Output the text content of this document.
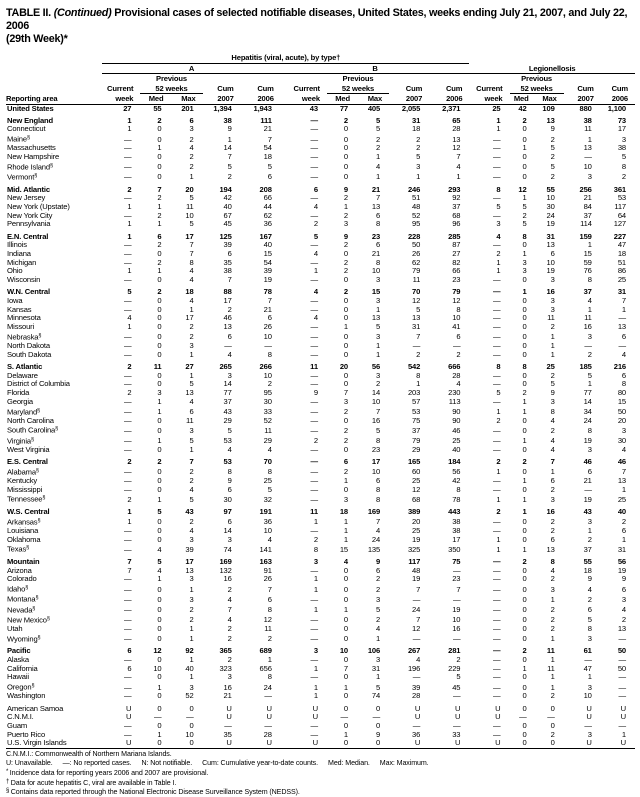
TABLE II. (Continued) Provisional cases of selected notifiable diseases, United States, weeks ending July 21, 2007, and July 22, 2006
(29th Week)*
Reporting area	Hepatitis (viral, acute), by type†														
	A					B					Legionellosis				
		Previous					Previous					Previous			
	Current	52 weeks		Cum	Cum	Current	52 weeks		Cum	Cum	Current	52 weeks		Cum	Cum
	week	Med	Max	2007	2006	week	Med	Max	2007	2006	week	Med	Max	2007	2006
United States	27	55	201	1,394	1,943	43	77	405	2,055	2,371	25	42	109	880	1,100
New England	1	2	6	38	111	—	2	5	31	65	1	2	13	38	73
Connecticut	1	0	3	9	21	—	0	5	18	28	1	0	9	11	17
Maine§	—	0	2	1	7	—	0	2	2	13	—	0	2	1	3
Massachusetts	—	1	4	14	54	—	0	2	2	12	—	1	5	13	38
New Hampshire	—	0	2	7	18	—	0	1	5	7	—	0	2	—	5
Rhode Island§	—	0	2	5	5	—	0	4	3	4	—	0	5	10	8
Vermont§	—	0	1	2	6	—	0	1	1	1	—	0	2	3	2
Mid. Atlantic	2	7	20	194	208	6	9	21	246	293	8	12	55	256	361
New Jersey	—	2	5	42	66	—	2	7	51	92	—	1	10	21	53
New York (Upstate)	1	1	11	40	44	4	1	13	48	37	5	5	30	84	117
New York City	—	2	10	67	62	—	2	6	52	68	—	2	24	37	64
Pennsylvania	1	1	5	45	36	2	3	8	95	96	3	5	19	114	127
E.N. Central	1	6	17	125	167	5	9	23	228	285	4	8	31	159	227
Illinois	—	2	7	39	40	—	2	6	50	87	—	0	13	1	47
Indiana	—	0	7	6	15	4	0	21	26	27	2	1	6	15	18
Michigan	—	2	8	35	54	—	2	8	62	82	1	3	10	59	51
Ohio	1	1	4	38	39	1	2	10	79	66	1	3	19	76	86
Wisconsin	—	0	4	7	19	—	0	3	11	23	—	0	3	8	25
W.N. Central	5	2	18	88	78	4	2	15	70	79	—	1	16	37	31
Iowa	—	0	4	17	7	—	0	3	12	12	—	0	3	4	7
Kansas	—	0	1	2	21	—	0	1	5	8	—	0	3	1	1
Minnesota	4	0	17	46	6	4	0	13	13	10	—	0	11	11	—
Missouri	1	0	2	13	26	—	1	5	31	41	—	0	2	16	13
Nebraska§	—	0	2	6	10	—	0	3	7	6	—	0	1	3	6
North Dakota	—	0	3	—	—	—	0	1	—	—	—	0	1	—	—
South Dakota	—	0	1	4	8	—	0	1	2	2	—	0	1	2	4
S. Atlantic	2	11	27	265	266	11	20	56	542	666	8	8	25	185	216
Delaware	—	0	1	3	10	—	0	3	8	28	—	0	2	5	6
District of Columbia	—	0	5	14	2	—	0	2	1	4	—	0	5	1	8
Florida	2	3	13	77	95	9	7	14	203	230	5	2	9	77	80
Georgia	—	1	4	37	30	—	3	10	57	113	—	1	3	14	15
Maryland§	—	1	6	43	33	—	2	7	53	90	1	1	8	34	50
North Carolina	—	0	11	29	52	—	0	16	75	90	2	0	4	24	20
South Carolina§	—	0	3	5	11	—	2	5	37	46	—	0	2	8	3
Virginia§	—	1	5	53	29	2	2	8	79	25	—	1	4	19	30
West Virginia	—	0	1	4	4	—	0	23	29	40	—	0	4	3	4
E.S. Central	2	2	7	53	70	—	6	17	165	184	2	2	7	46	46
Alabama§	—	0	2	8	8	—	2	10	60	56	1	0	1	6	7
Kentucky	—	0	2	9	25	—	1	6	25	42	—	1	6	21	13
Mississippi	—	0	4	6	5	—	0	8	12	8	—	0	2	—	1
Tennessee§	2	1	5	30	32	—	3	8	68	78	1	1	3	19	25
W.S. Central	1	5	43	97	191	11	18	169	389	443	2	1	16	43	40
Arkansas§	1	0	2	6	36	1	1	7	20	38	—	0	2	3	2
Louisiana	—	0	4	14	10	—	1	4	25	38	—	0	2	1	6
Oklahoma	—	0	3	3	4	2	1	24	19	17	1	0	6	2	1
Texas§	—	4	39	74	141	8	15	135	325	350	1	1	13	37	31
Mountain	7	5	17	169	163	3	4	9	117	75	—	2	8	55	56
Arizona	7	4	13	132	91	—	0	6	48	—	—	0	4	18	19
Colorado	—	1	3	16	26	1	0	2	19	23	—	0	2	9	9
Idaho§	—	0	1	2	7	1	0	2	7	7	—	0	3	4	6
Montana§	—	0	3	4	6	—	0	3	—	—	—	0	1	2	3
Nevada§	—	0	2	7	8	1	1	5	24	19	—	0	2	6	4
New Mexico§	—	0	2	4	12	—	0	2	7	10	—	0	2	5	2
Utah	—	0	1	2	11	—	0	4	12	16	—	0	2	8	13
Wyoming§	—	0	1	2	2	—	0	1	—	—	—	0	1	3	—
Pacific	6	12	92	365	689	3	10	106	267	281	—	2	11	61	50
Alaska	—	0	1	2	1	—	0	3	4	2	—	0	1	—	—
California	6	10	40	323	656	1	7	31	196	229	—	1	11	47	50
Hawaii	—	0	1	3	8	—	0	1	—	5	—	0	1	1	—
Oregon§	—	1	3	16	24	1	1	5	39	45	—	0	1	3	—
Washington	—	0	52	21	—	1	0	74	28	—	—	0	2	10	—
American Samoa	U	0	0	U	U	U	0	0	U	U	U	0	0	U	U
C.N.M.I.	U	—	—	U	U	U	—	—	U	U	U	—	—	U	U
Guam	—	0	0	—	—	—	0	0	—	—	—	0	0	—	—
Puerto Rico	—	1	10	35	28	—	1	9	36	33	—	0	2	3	1
U.S. Virgin Islands	U	0	0	U	U	U	0	0	U	U	U	0	0	U	U
C.N.M.I.: Commonwealth of Northern Mariana Islands.
U: Unavailable. —: No reported cases. N: Not notifiable. Cum: Cumulative year-to-date counts. Med: Median. Max: Maximum.
* Incidence data for reporting years 2006 and 2007 are provisional.
† Data for acute hepatitis C, viral are available in Table I.
§ Contains data reported through the National Electronic Disease Surveillance System (NEDSS).
